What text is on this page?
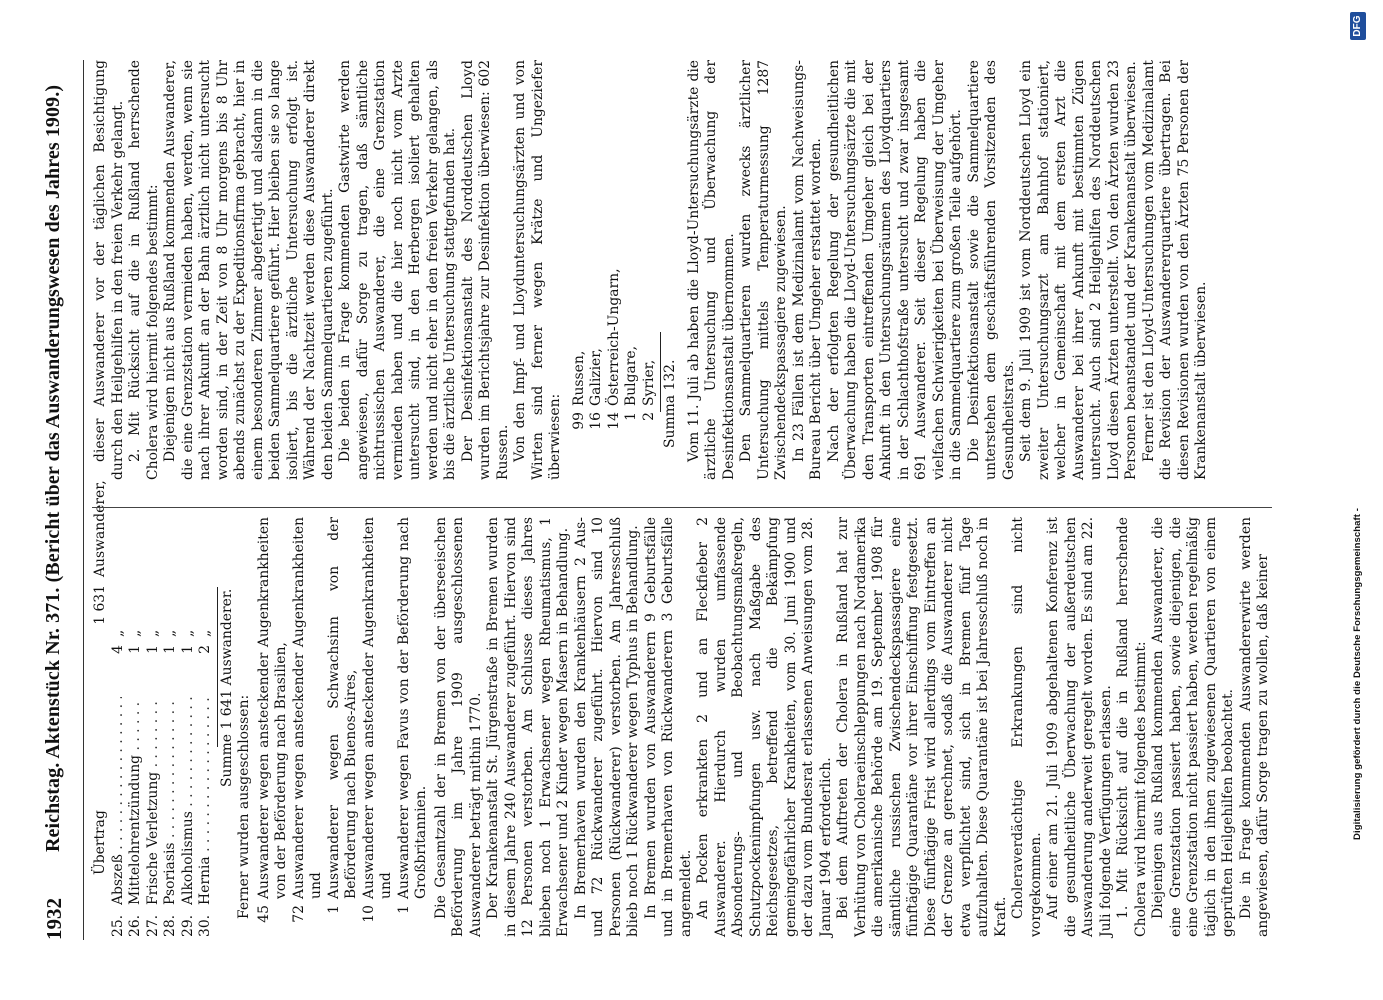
1932
Reichstag. Aktenstück Nr. 371. (Bericht über das Auswanderungswesen des Jahres 1909.) Übertrag1 631Auswanderer,
25.
Abszeß . . .
4
„
26.
Mittelohrentzündung . . .
1
„
27.
Frische Verletzung . . .
1
„
28.
Psoriasis . . .
1
„
29.
Alkoholismus . . .
1
„
30.
Hernia . . .
2
„ Summe 1 641 Auswanderer.

Ferner wurden ausgeschlossen: 45
Auswanderer wegen ansteckender Augenkrankheiten von der Beförderung nach Brasilien,
72
Auswanderer wegen ansteckender Augenkrankheiten und
1
Auswanderer wegen Schwachsinn von der Beförderung nach Buenos-Aires,
10
Auswanderer wegen ansteckender Augenkrankheiten und
1
Auswanderer wegen Favus von der Beförderung nach Großbritannien. Die Gesamtzahl der in Bremen von der überseeischen Beförderung im Jahre 1909 ausgeschlossenen Auswanderer beträgt mithin 1770. Der Krankenanstalt St. Jürgenstraße in Bremen wurden in diesem Jahre 240 Auswanderer zugeführt. Hiervon sind 12 Personen verstorben. Am Schlusse dieses Jahres blieben noch 1 Erwachsener wegen Rheumatismus, 1 Erwachsener und 2 Kinder wegen Masern in Behandlung. In Bremerhaven wurden den Krankenhäusern 2 Aus- und 72 Rückwanderer zugeführt. Hiervon sind 10 Personen (Rückwanderer) verstorben. Am Jahresschluß blieb noch 1 Rückwanderer wegen Typhus in Behandlung. In Bremen wurden von Auswanderern 9 Geburtsfälle und in Bremerhaven von Rückwanderern 3 Geburtsfälle angemeldet. An Pocken erkrankten 2 und an Fleckfieber 2 Auswanderer. Hierdurch wurden umfassende Absonderungs- und Beobachtungsmaßregeln, Schutzpockenimpfungen usw. nach Maßgabe des Reichsgesetzes, betreffend die Bekämpfung gemeingefährlicher Krankheiten, vom 30. Juni 1900 und der dazu vom Bundesrat erlassenen Anweisungen vom 28. Januar 1904 erforderlich. Bei dem Auftreten der Cholera in Rußland hat zur Verhütung von Choleraeinschleppungen nach Nordamerika die amerikanische Behörde am 19. September 1908 für sämtliche russischen Zwischendeckspassagiere eine fünftägige Quarantäne vor ihrer Einschiffung festgesetzt. Diese fünftägige Frist wird allerdings vom Eintreffen an der Grenze an gerechnet, sodaß die Auswanderer nicht etwa verpflichtet sind, sich in Bremen fünf Tage aufzuhalten. Diese Quarantäne ist bei Jahresschluß noch in Kraft. Choleraverdächtige Erkrankungen sind nicht vorgekommen. Auf einer am 21. Juli 1909 abgehaltenen Konferenz ist die gesundheitliche Überwachung der außerdeutschen Auswanderung anderweit geregelt worden. Es sind am 22. Juli folgende Verfügungen erlassen. 1. Mit Rücksicht auf die in Rußland herrschende Cholera wird hiermit folgendes bestimmt: Diejenigen aus Rußland kommenden Auswanderer, die eine Grenzstation passiert haben, sowie diejenigen, die eine Grenzstation nicht passiert haben, werden regelmäßig täglich in den ihnen zugewiesenen Quartieren von einem geprüften Heilgehilfen beobachtet. Die in Frage kommenden Auswandererwirte werden angewiesen, dafür Sorge tragen zu wollen, daß keiner

dieser Auswanderer vor der täglichen Besichtigung durch den Heilgehilfen in den freien Verkehr gelangt. 2. Mit Rücksicht auf die in Rußland herrschende Cholera wird hiermit folgendes bestimmt: Diejenigen nicht aus Rußland kommenden Auswanderer, die eine Grenzstation vermieden haben, werden, wenn sie nach ihrer Ankunft an der Bahn ärztlich nicht untersucht worden sind, in der Zeit von 8 Uhr morgens bis 8 Uhr abends zunächst zu der Expeditionsfirma gebracht, hier in einem besonderen Zimmer abgefertigt und alsdann in die beiden Sammelquartiere geführt. Hier bleiben sie so lange isoliert, bis die ärztliche Untersuchung erfolgt ist. Während der Nachtzeit werden diese Auswanderer direkt den beiden Sammelquartieren zugeführt. Die beiden in Frage kommenden Gastwirte werden angewiesen, dafür Sorge zu tragen, daß sämtliche nichtrussischen Auswanderer, die eine Grenzstation vermieden haben und die hier noch nicht vom Arzte untersucht sind, in den Herbergen isoliert gehalten werden und nicht eher in den freien Verkehr gelangen, als bis die ärztliche Untersuchung stattgefunden hat. Der Desinfektionsanstalt des Norddeutschen Lloyd wurden im Berichtsjahre zur Desinfektion überwiesen: 602 Russen. Von den Impf- und Lloyduntersuchungsärzten und von Wirten sind ferner wegen Krätze und Ungeziefer überwiesen: 99
Russen,
16
Galizier,
14
Österreich-Ungarn,
1
Bulgare,
2
Syrier, Summa 132. Vom 11. Juli ab haben die Lloyd-Untersuchungsärzte die ärztliche Untersuchung und Überwachung der Desinfektionsanstalt übernommen. Den Sammelquartieren wurden zwecks ärztlicher Untersuchung mittels Temperaturmessung 1287 Zwischendeckspassagiere zugewiesen. In 23 Fällen ist dem Medizinalamt vom Nachweisungs-Bureau Bericht über Umgeher erstattet worden. Nach der erfolgten Regelung der gesundheitlichen Überwachung haben die Lloyd-Untersuchungsärzte die mit den Transporten eintreffenden Umgeher gleich bei der Ankunft in den Untersuchungsräumen des Lloydquartiers in der Schlachthofstraße untersucht und zwar insgesamt 691 Auswanderer. Seit dieser Regelung haben die vielfachen Schwierigkeiten bei Überweisung der Umgeher in die Sammelquartiere zum großen Teile aufgehört. Die Desinfektionsanstalt sowie die Sammelquartiere unterstehen dem geschäftsführenden Vorsitzenden des Gesundheitsrats. Seit dem 9. Juli 1909 ist vom Norddeutschen Lloyd ein zweiter Untersuchungsarzt am Bahnhof stationiert, welcher in Gemeinschaft mit dem ersten Arzt die Auswanderer bei ihrer Ankunft mit bestimmten Zügen untersucht. Auch sind 2 Heilgehilfen des Norddeutschen Lloyd diesen Ärzten unterstellt. Von den Ärzten wurden 23 Personen beanstandet und der Krankenanstalt überwiesen. Ferner ist den Lloyd-Untersuchungen vom Medizinalamt die Revision der Auswandererquartiere übertragen. Bei diesen Revisionen wurden von den Ärzten 75 Personen der Krankenanstalt überwiesen.

Digitalisierung gefördert durch die Deutsche Forschungsgemeinschaft -
DFG
